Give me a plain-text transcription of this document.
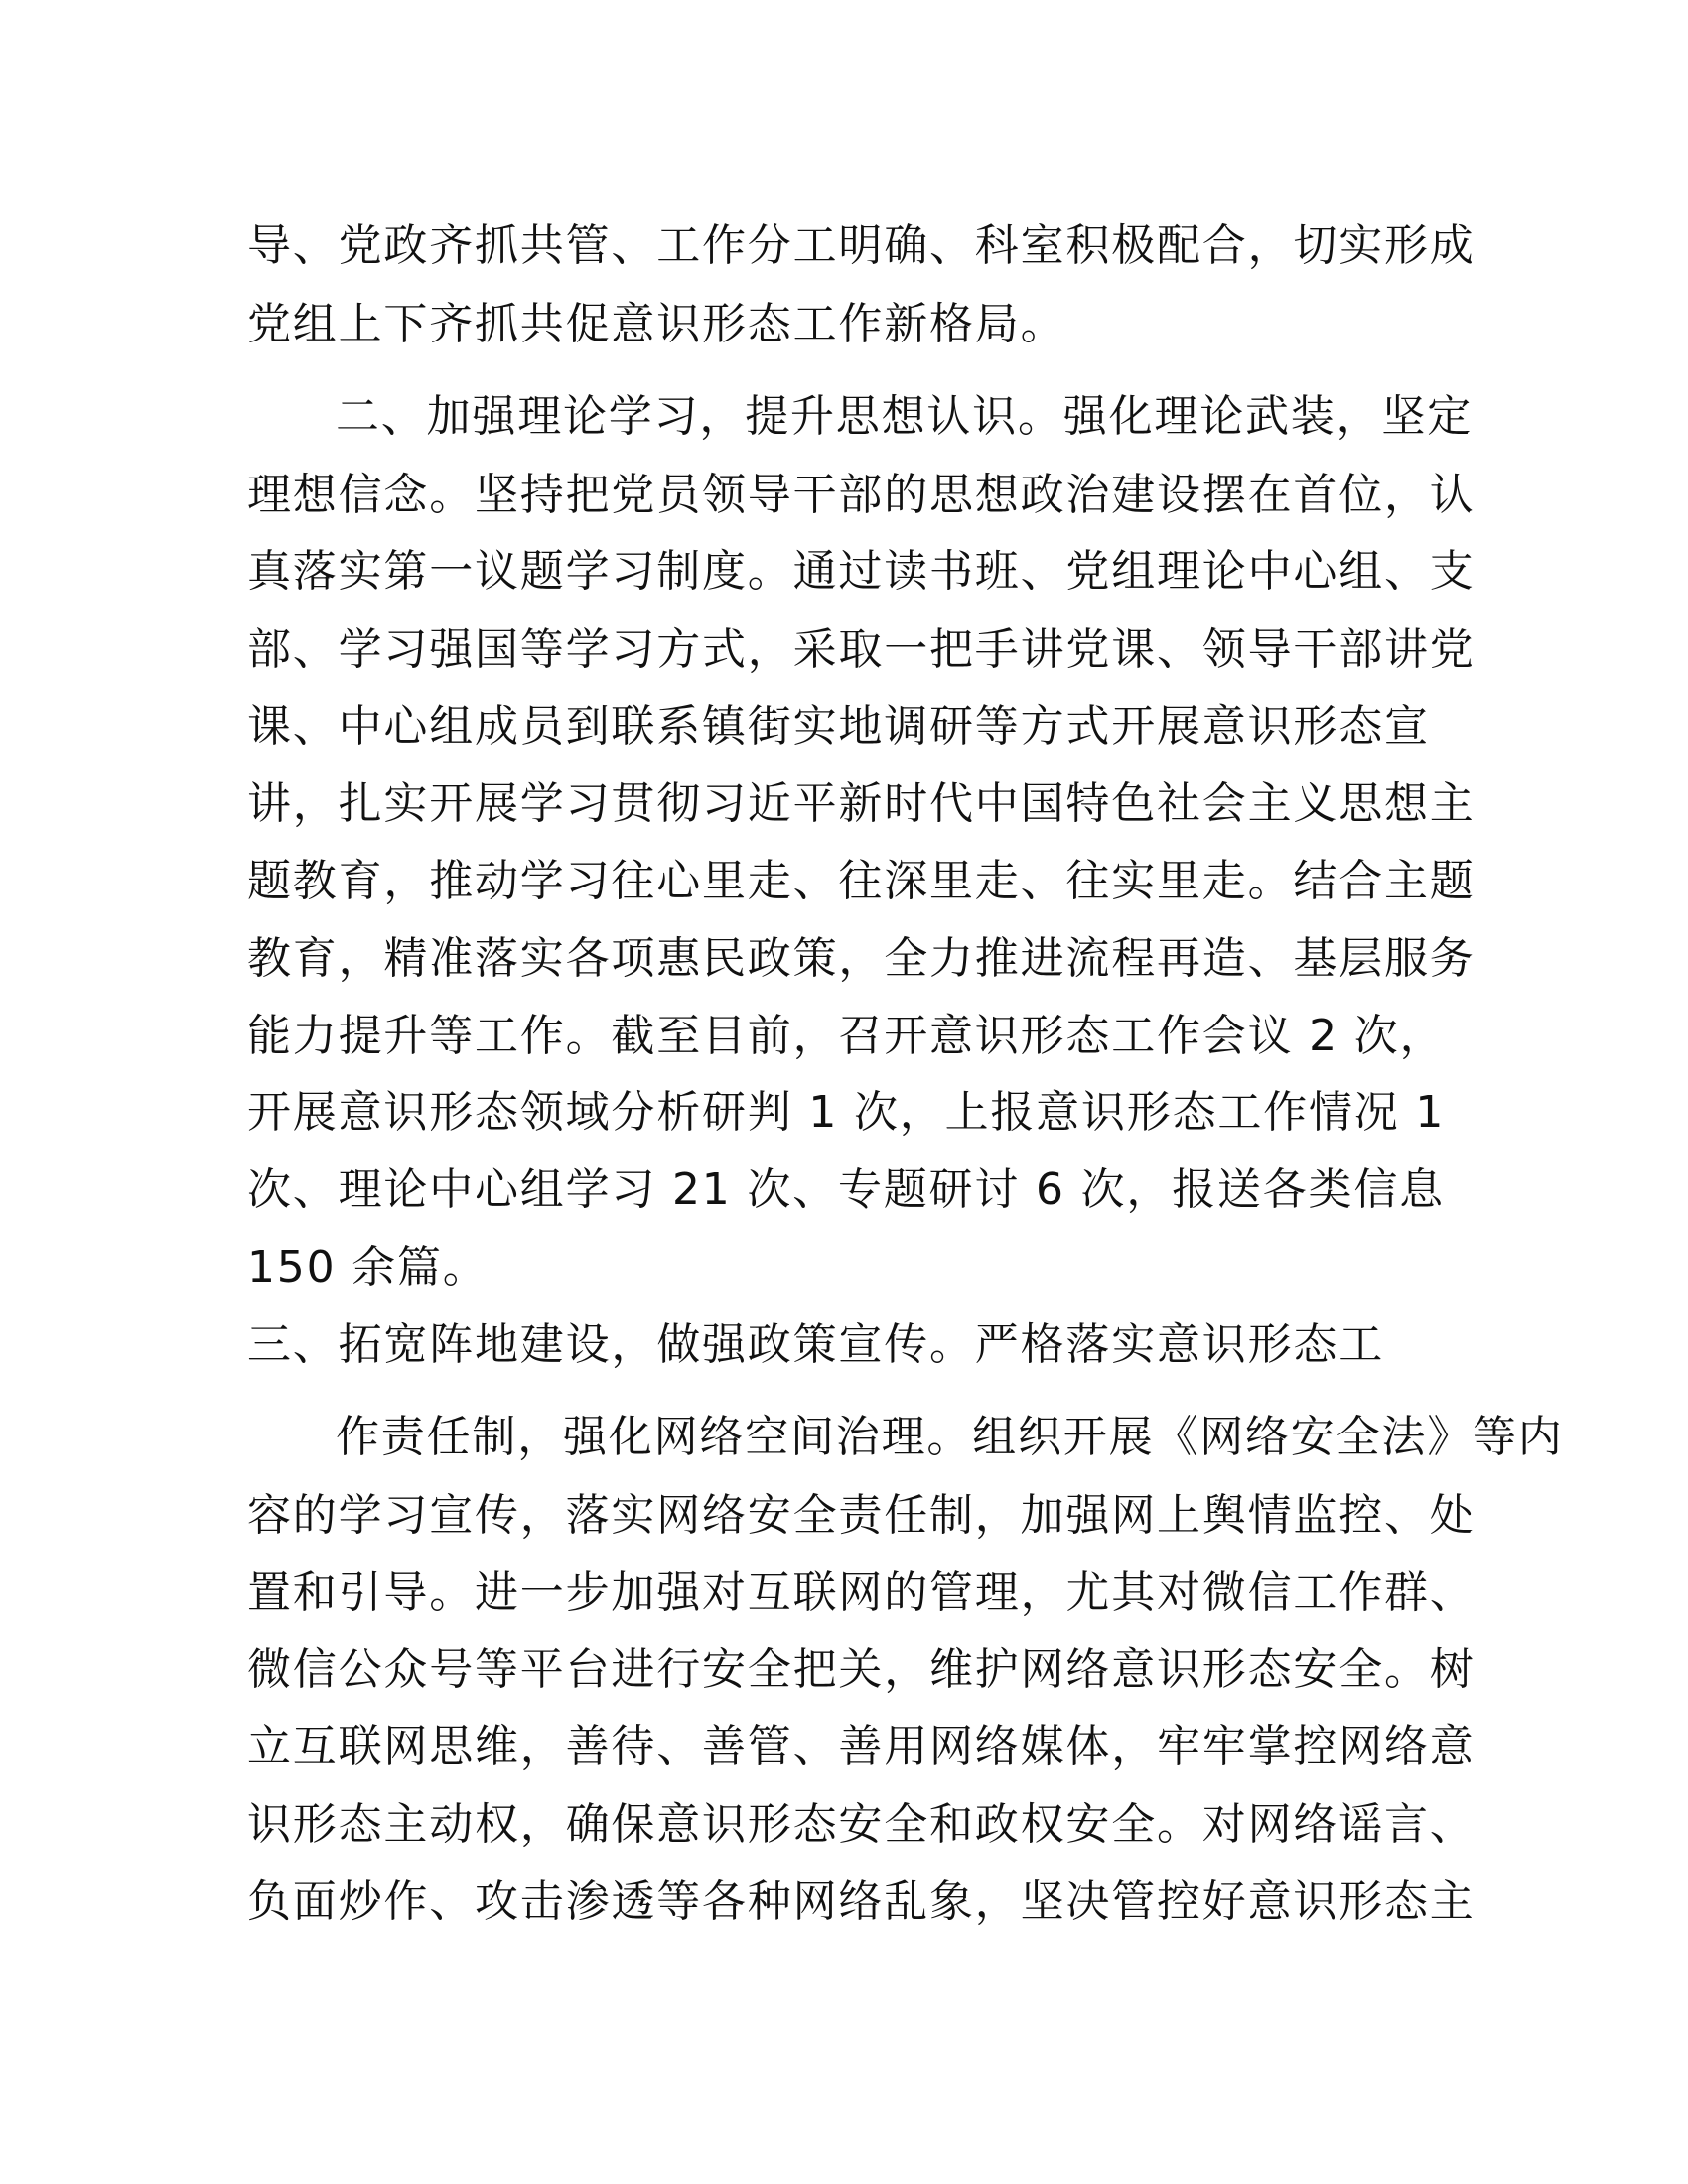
导、党政齐抓共管、工作分工明确、科室积极配合，切实形成
党组上下齐抓共促意识形态工作新格局。
二、加强理论学习，提升思想认识。强化理论武装，坚定
理想信念。坚持把党员领导干部的思想政治建设摆在首位，认
真落实第一议题学习制度。通过读书班、党组理论中心组、支
部、学习强国等学习方式，采取一把手讲党课、领导干部讲党
课、中心组成员到联系镇街实地调研等方式开展意识形态宣
讲，扎实开展学习贯彻习近平新时代中国特色社会主义思想主
题教育，推动学习往心里走、往深里走、往实里走。结合主题
教育，精准落实各项惠民政策，全力推进流程再造、基层服务
能力提升等工作。截至目前，召开意识形态工作会议 2 次，
开展意识形态领域分析研判 1 次，上报意识形态工作情况 1
次、理论中心组学习 21 次、专题研讨 6 次，报送各类信息
150 余篇。
三、拓宽阵地建设，做强政策宣传。严格落实意识形态工
作责任制，强化网络空间治理。组织开展《网络安全法》等内
容的学习宣传，落实网络安全责任制，加强网上舆情监控、处
置和引导。进一步加强对互联网的管理，尤其对微信工作群、
微信公众号等平台进行安全把关，维护网络意识形态安全。树
立互联网思维，善待、善管、善用网络媒体，牢牢掌控网络意
识形态主动权，确保意识形态安全和政权安全。对网络谣言、
负面炒作、攻击渗透等各种网络乱象，坚决管控好意识形态主
